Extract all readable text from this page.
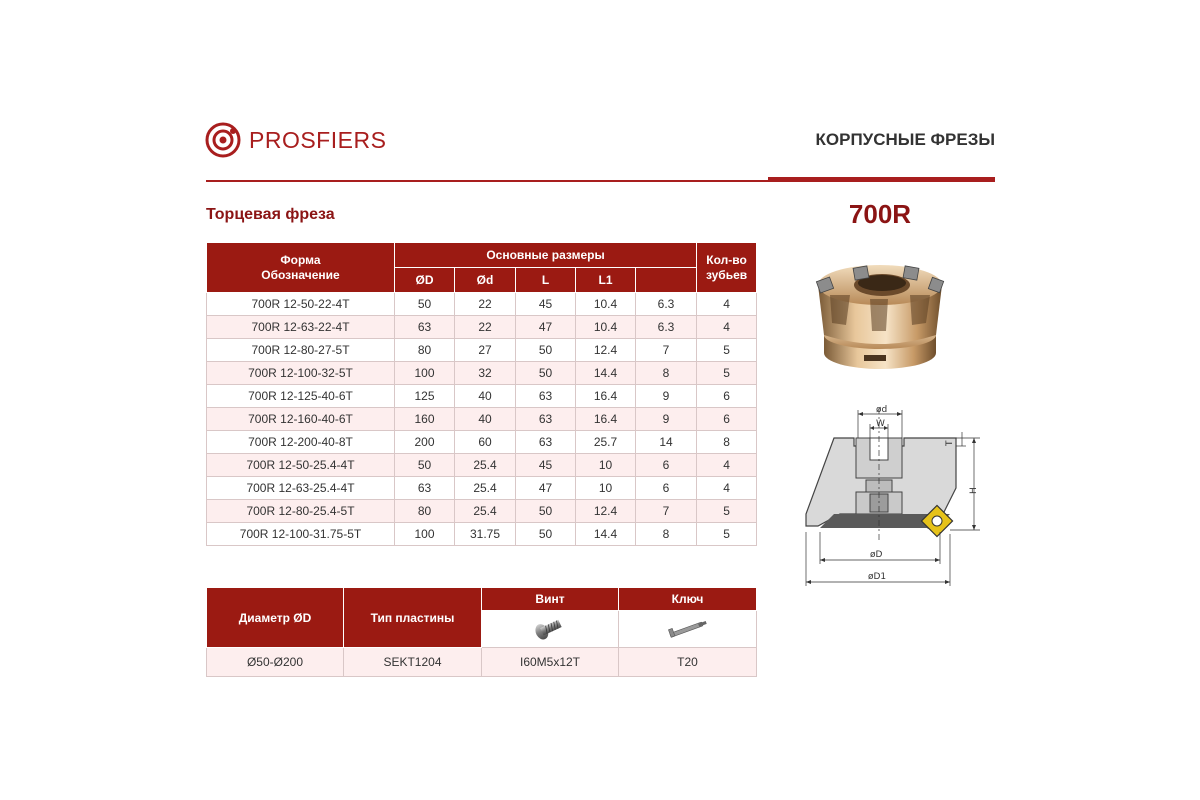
PROSFIERS	КОРПУСНЫЕ ФРЕЗЫ
Торцевая фреза	700R
Форма
Обозначение	Основные размеры					Кол-во
зубьев
	ØD	Ød	L	L1		
700R 12-50-22-4T	50	22	45	10.4	6.3	4
700R 12-63-22-4T	63	22	47	10.4	6.3	4
700R 12-80-27-5T	80	27	50	12.4	7	5
700R 12-100-32-5T	100	32	50	14.4	8	5
700R 12-125-40-6T	125	40	63	16.4	9	6
700R 12-160-40-6T	160	40	63	16.4	9	6
700R 12-200-40-8T	200	60	63	25.7	14	8
700R 12-50-25.4-4T	50	25.4	45	10	6	4
700R 12-63-25.4-4T	63	25.4	47	10	6	4
700R 12-80-25.4-5T	80	25.4	50	12.4	7	5
700R 12-100-31.75-5T	100	31.75	50	14.4	8	5
Диаметр ØD	Тип пластины	Винт	Ключ

Ø50-Ø200	SEKT1204	I60M5x12T	T20
ød
W
T
H
øD
øD1
